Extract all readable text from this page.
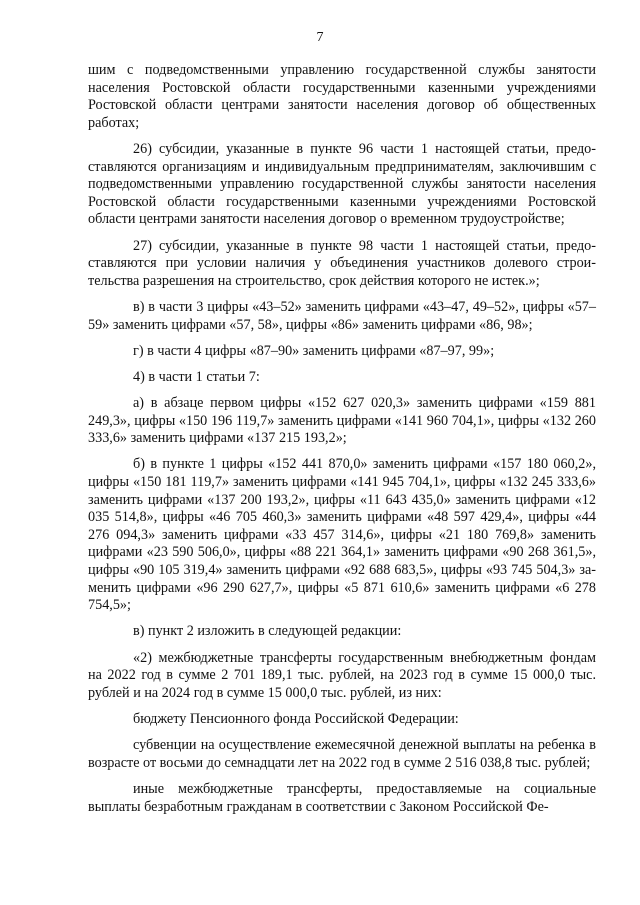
7

шим с подведомственными управлению государственной службы занятости населения Ростовской области государственными казенными учреждениями Ростовской области центрами занятости населения договор об общественных работах;

26) субсидии, указанные в пункте 96 части 1 настоящей статьи, предоставляются организациям и индивидуальным предпринимателям, заключившим с подведомственными управлению государственной службы занятости населения Ростовской области государственными казенными учреждениями Ростовской области центрами занятости населения договор о временном трудоустройстве;

27) субсидии, указанные в пункте 98 части 1 настоящей статьи, предоставляются при условии наличия у объединения участников долевого строительства разрешения на строительство, срок действия которого не истек.»;

в) в части 3 цифры «43–52» заменить цифрами «43–47, 49–52», цифры «57–59» заменить цифрами «57, 58», цифры «86» заменить цифрами «86, 98»;

г) в части 4 цифры «87–90» заменить цифрами «87–97, 99»;

4) в части 1 статьи 7:

а) в абзаце первом цифры «152 627 020,3» заменить цифрами «159 881 249,3», цифры «150 196 119,7» заменить цифрами «141 960 704,1», цифры «132 260 333,6» заменить цифрами «137 215 193,2»;

б) в пункте 1 цифры «152 441 870,0» заменить цифрами «157 180 060,2», цифры «150 181 119,7» заменить цифрами «141 945 704,1», цифры «132 245 333,6» заменить цифрами «137 200 193,2», цифры «11 643 435,0» заменить цифрами «12 035 514,8», цифры «46 705 460,3» заменить цифрами «48 597 429,4», цифры «44 276 094,3» заменить цифрами «33 457 314,6», цифры «21 180 769,8» заменить цифрами «23 590 506,0», цифры «88 221 364,1» заменить цифрами «90 268 361,5», цифры «90 105 319,4» заменить цифрами «92 688 683,5», цифры «93 745 504,3» заменить цифрами «96 290 627,7», цифры «5 871 610,6» заменить цифрами «6 278 754,5»;

в) пункт 2 изложить в следующей редакции:

«2) межбюджетные трансферты государственным внебюджетным фондам на 2022 год в сумме 2 701 189,1 тыс. рублей, на 2023 год в сумме 15 000,0 тыс. рублей и на 2024 год в сумме 15 000,0 тыс. рублей, из них:

бюджету Пенсионного фонда Российской Федерации:

субвенции на осуществление ежемесячной денежной выплаты на ребенка в возрасте от восьми до семнадцати лет на 2022 год в сумме 2 516 038,8 тыс. рублей;

иные межбюджетные трансферты, предоставляемые на социальные выплаты безработным гражданам в соответствии с Законом Российской Фе-
